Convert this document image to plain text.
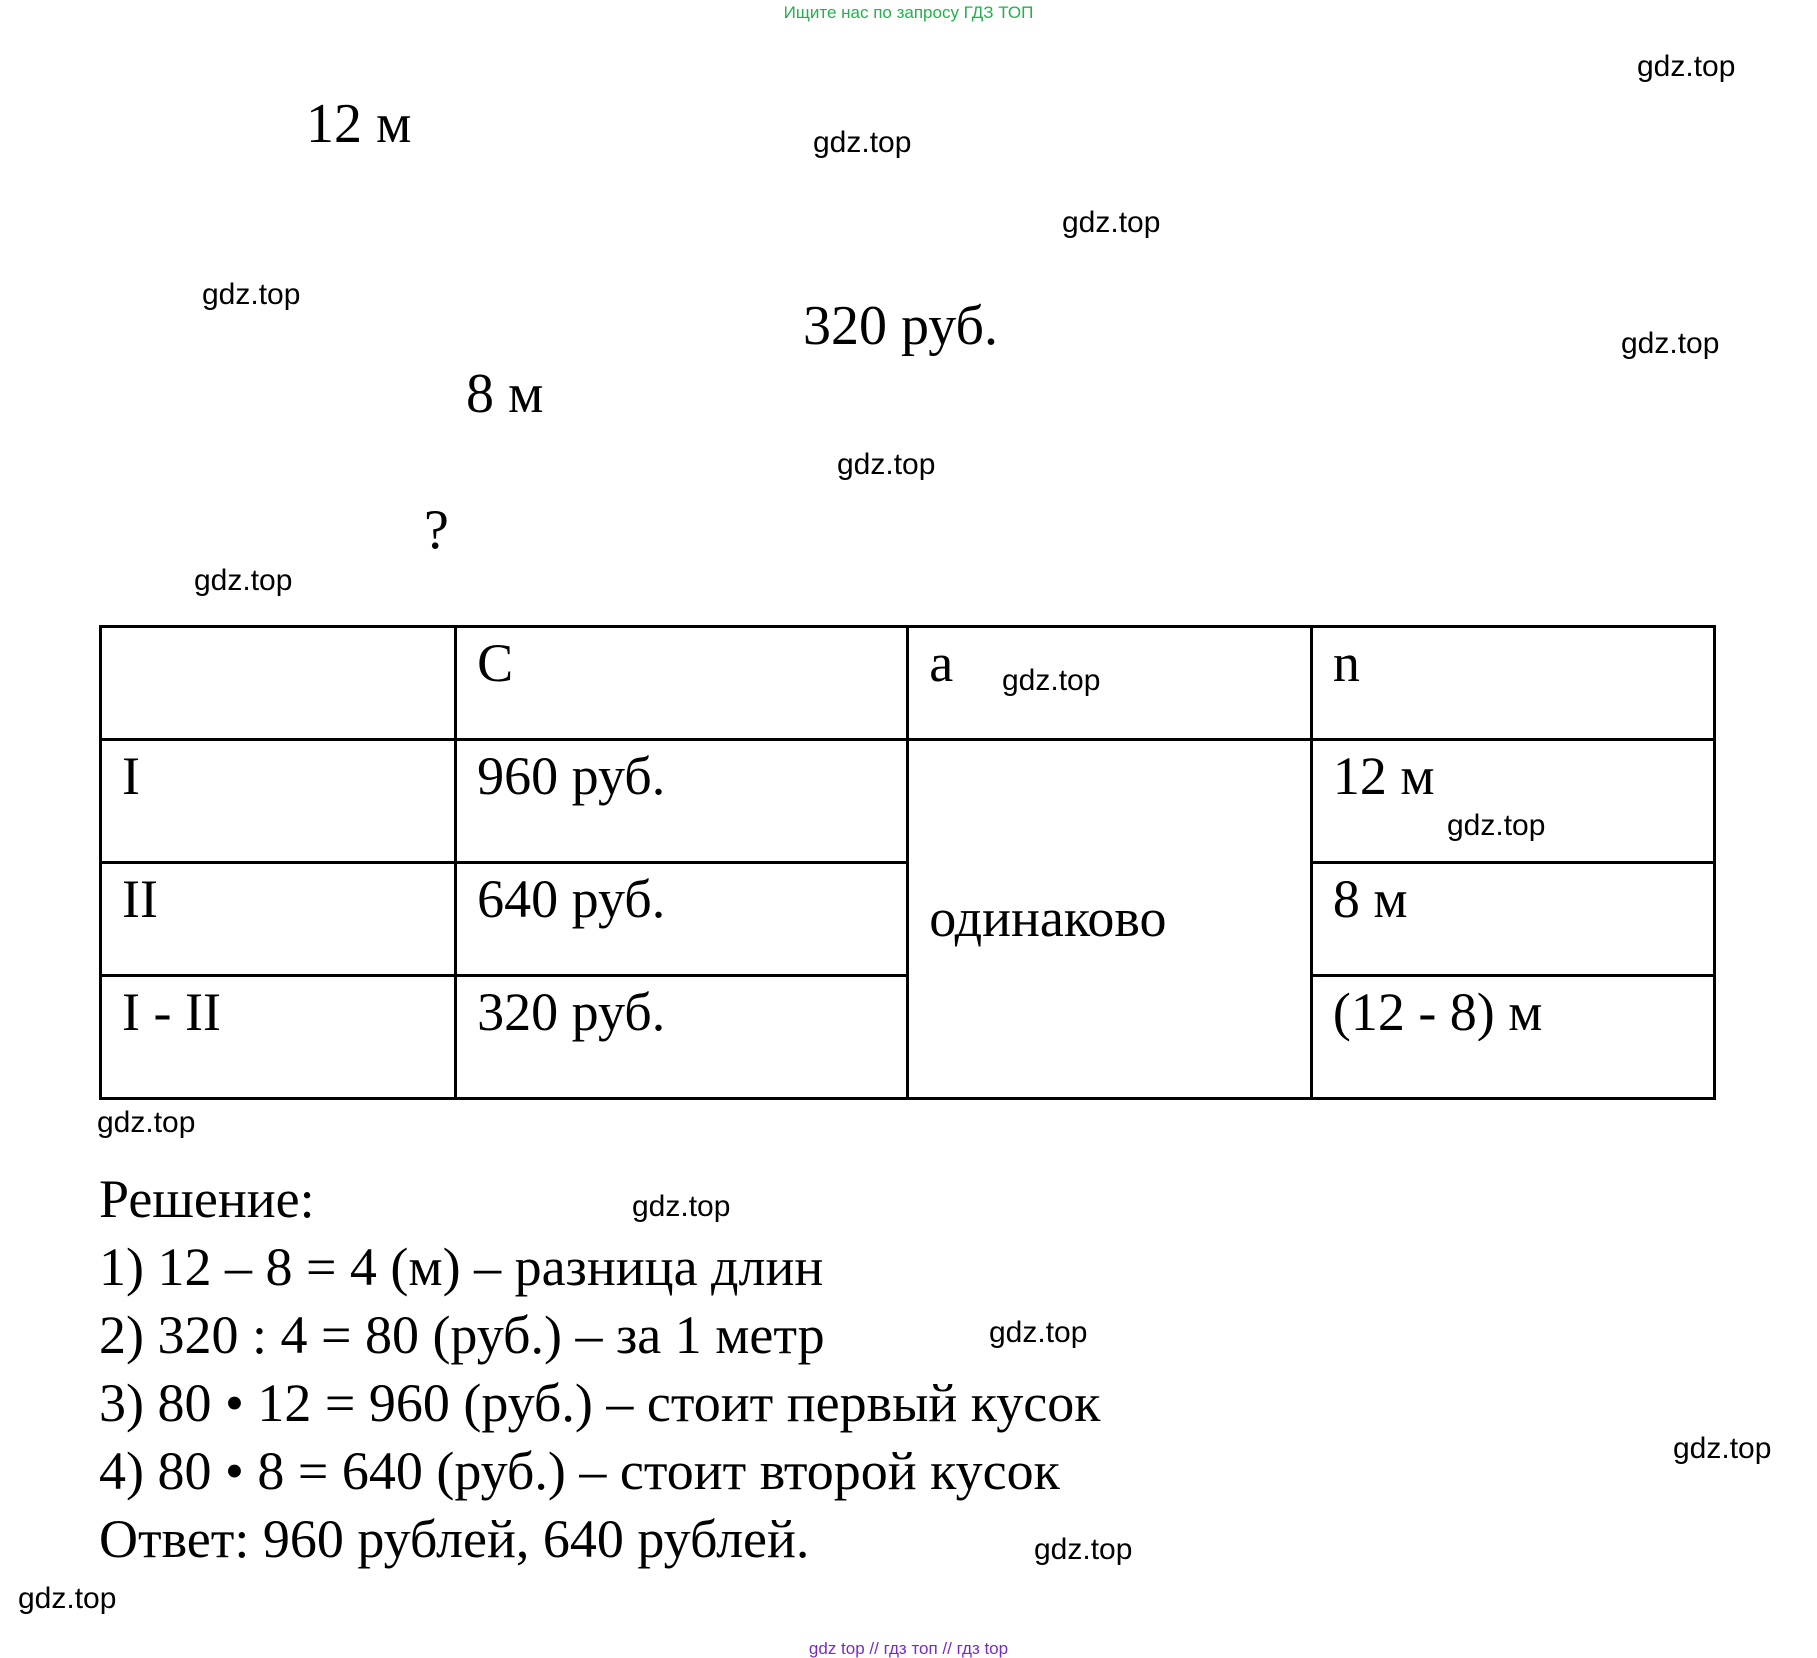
Ищите нас по запросу ГДЗ ТОП
gdz top // гдз топ // гдз top
12 м
320 руб.
8 м
?
	C	a	n
I	960 руб.	одинаково	12 м
II	640 руб.		8 м
I - II	320 руб.		(12 - 8) м
Решение:
1) 12 – 8 = 4 (м) – разница длин
2) 320 : 4 = 80 (руб.) – за 1 метр
3) 80 • 12 = 960 (руб.) – стоит первый кусок
4) 80 • 8 = 640 (руб.) – стоит второй кусок
Ответ: 960 рублей, 640 рублей.
gdz.top
gdz.top
gdz.top
gdz.top
gdz.top
gdz.top
gdz.top
gdz.top
gdz.top
gdz.top
gdz.top
gdz.top
gdz.top
gdz.top
gdz.top
